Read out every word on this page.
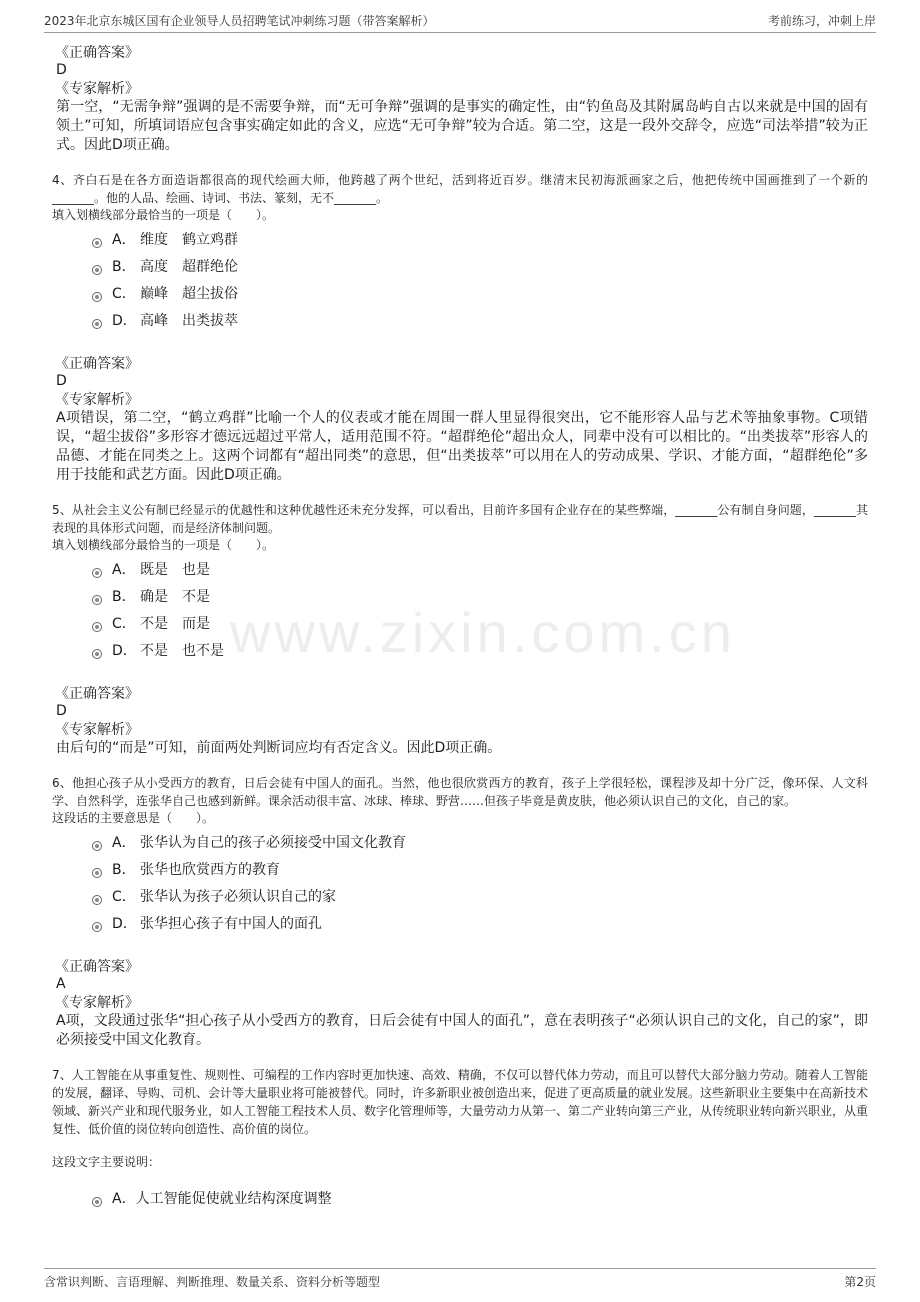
2023年北京东城区国有企业领导人员招聘笔试冲刺练习题（带答案解析）	考前练习，冲刺上岸
www.zixin.com.cn
《正确答案》
D
《专家解析》
第一空，“无需争辩”强调的是不需要争辩，而“无可争辩”强调的是事实的确定性，由“钓鱼岛及其附属岛屿自古以来就是中国的固有领土”可知，所填词语应包含事实确定如此的含义，应选“无可争辩”较为合适。第二空，这是一段外交辞令，应选“司法举措”较为正式。因此D项正确。
4、齐白石是在各方面造诣都很高的现代绘画大师，他跨越了两个世纪，活到将近百岁。继清末民初海派画家之后，他把传统中国画推到了一个新的_______。他的人品、绘画、诗词、书法、篆刻，无不_______。
填入划横线部分最恰当的一项是（　　）。
A． 维度 鹤立鸡群
B． 高度 超群绝伦
C． 巅峰 超尘拔俗
D． 高峰 出类拔萃
《正确答案》
D
《专家解析》
A项错误，第二空，“鹤立鸡群”比喻一个人的仪表或才能在周围一群人里显得很突出，它不能形容人品与艺术等抽象事物。C项错误，“超尘拔俗”多形容才德远远超过平常人，适用范围不符。“超群绝伦”超出众人，同辈中没有可以相比的。“出类拔萃”形容人的品德、才能在同类之上。这两个词都有“超出同类”的意思，但“出类拔萃”可以用在人的劳动成果、学识、才能方面，“超群绝伦”多用于技能和武艺方面。因此D项正确。
5、从社会主义公有制已经显示的优越性和这种优越性还未充分发挥，可以看出，目前许多国有企业存在的某些弊端，_______公有制自身问题，_______其表现的具体形式问题，而是经济体制问题。
填入划横线部分最恰当的一项是（　　）。
A． 既是 也是
B． 确是 不是
C． 不是 而是
D． 不是 也不是
《正确答案》
D
《专家解析》
由后句的“而是”可知，前面两处判断词应均有否定含义。因此D项正确。
6、他担心孩子从小受西方的教育，日后会徒有中国人的面孔。当然，他也很欣赏西方的教育，孩子上学很轻松，课程涉及却十分广泛，像环保、人文科学、自然科学，连张华自己也感到新鲜。课余活动很丰富、冰球、棒球、野营……但孩子毕竟是黄皮肤，他必须认识自己的文化，自己的家。
这段话的主要意思是（　　）。
A． 张华认为自己的孩子必须接受中国文化教育
B． 张华也欣赏西方的教育
C． 张华认为孩子必须认识自己的家
D． 张华担心孩子有中国人的面孔
《正确答案》
A
《专家解析》
A项，文段通过张华“担心孩子从小受西方的教育，日后会徒有中国人的面孔”，意在表明孩子“必须认识自己的文化，自己的家”，即必须接受中国文化教育。
7、人工智能在从事重复性、规则性、可编程的工作内容时更加快速、高效、精确，不仅可以替代体力劳动，而且可以替代大部分脑力劳动。随着人工智能的发展，翻译、导购、司机、会计等大量职业将可能被替代。同时，许多新职业被创造出来，促进了更高质量的就业发展。这些新职业主要集中在高新技术领域、新兴产业和现代服务业，如人工智能工程技术人员、数字化管理师等，大量劳动力从第一、第二产业转向第三产业，从传统职业转向新兴职业，从重复性、低价值的岗位转向创造性、高价值的岗位。
这段文字主要说明：
A． 人工智能促使就业结构深度调整
含常识判断、言语理解、判断推理、数量关系、资料分析等题型	第2页
